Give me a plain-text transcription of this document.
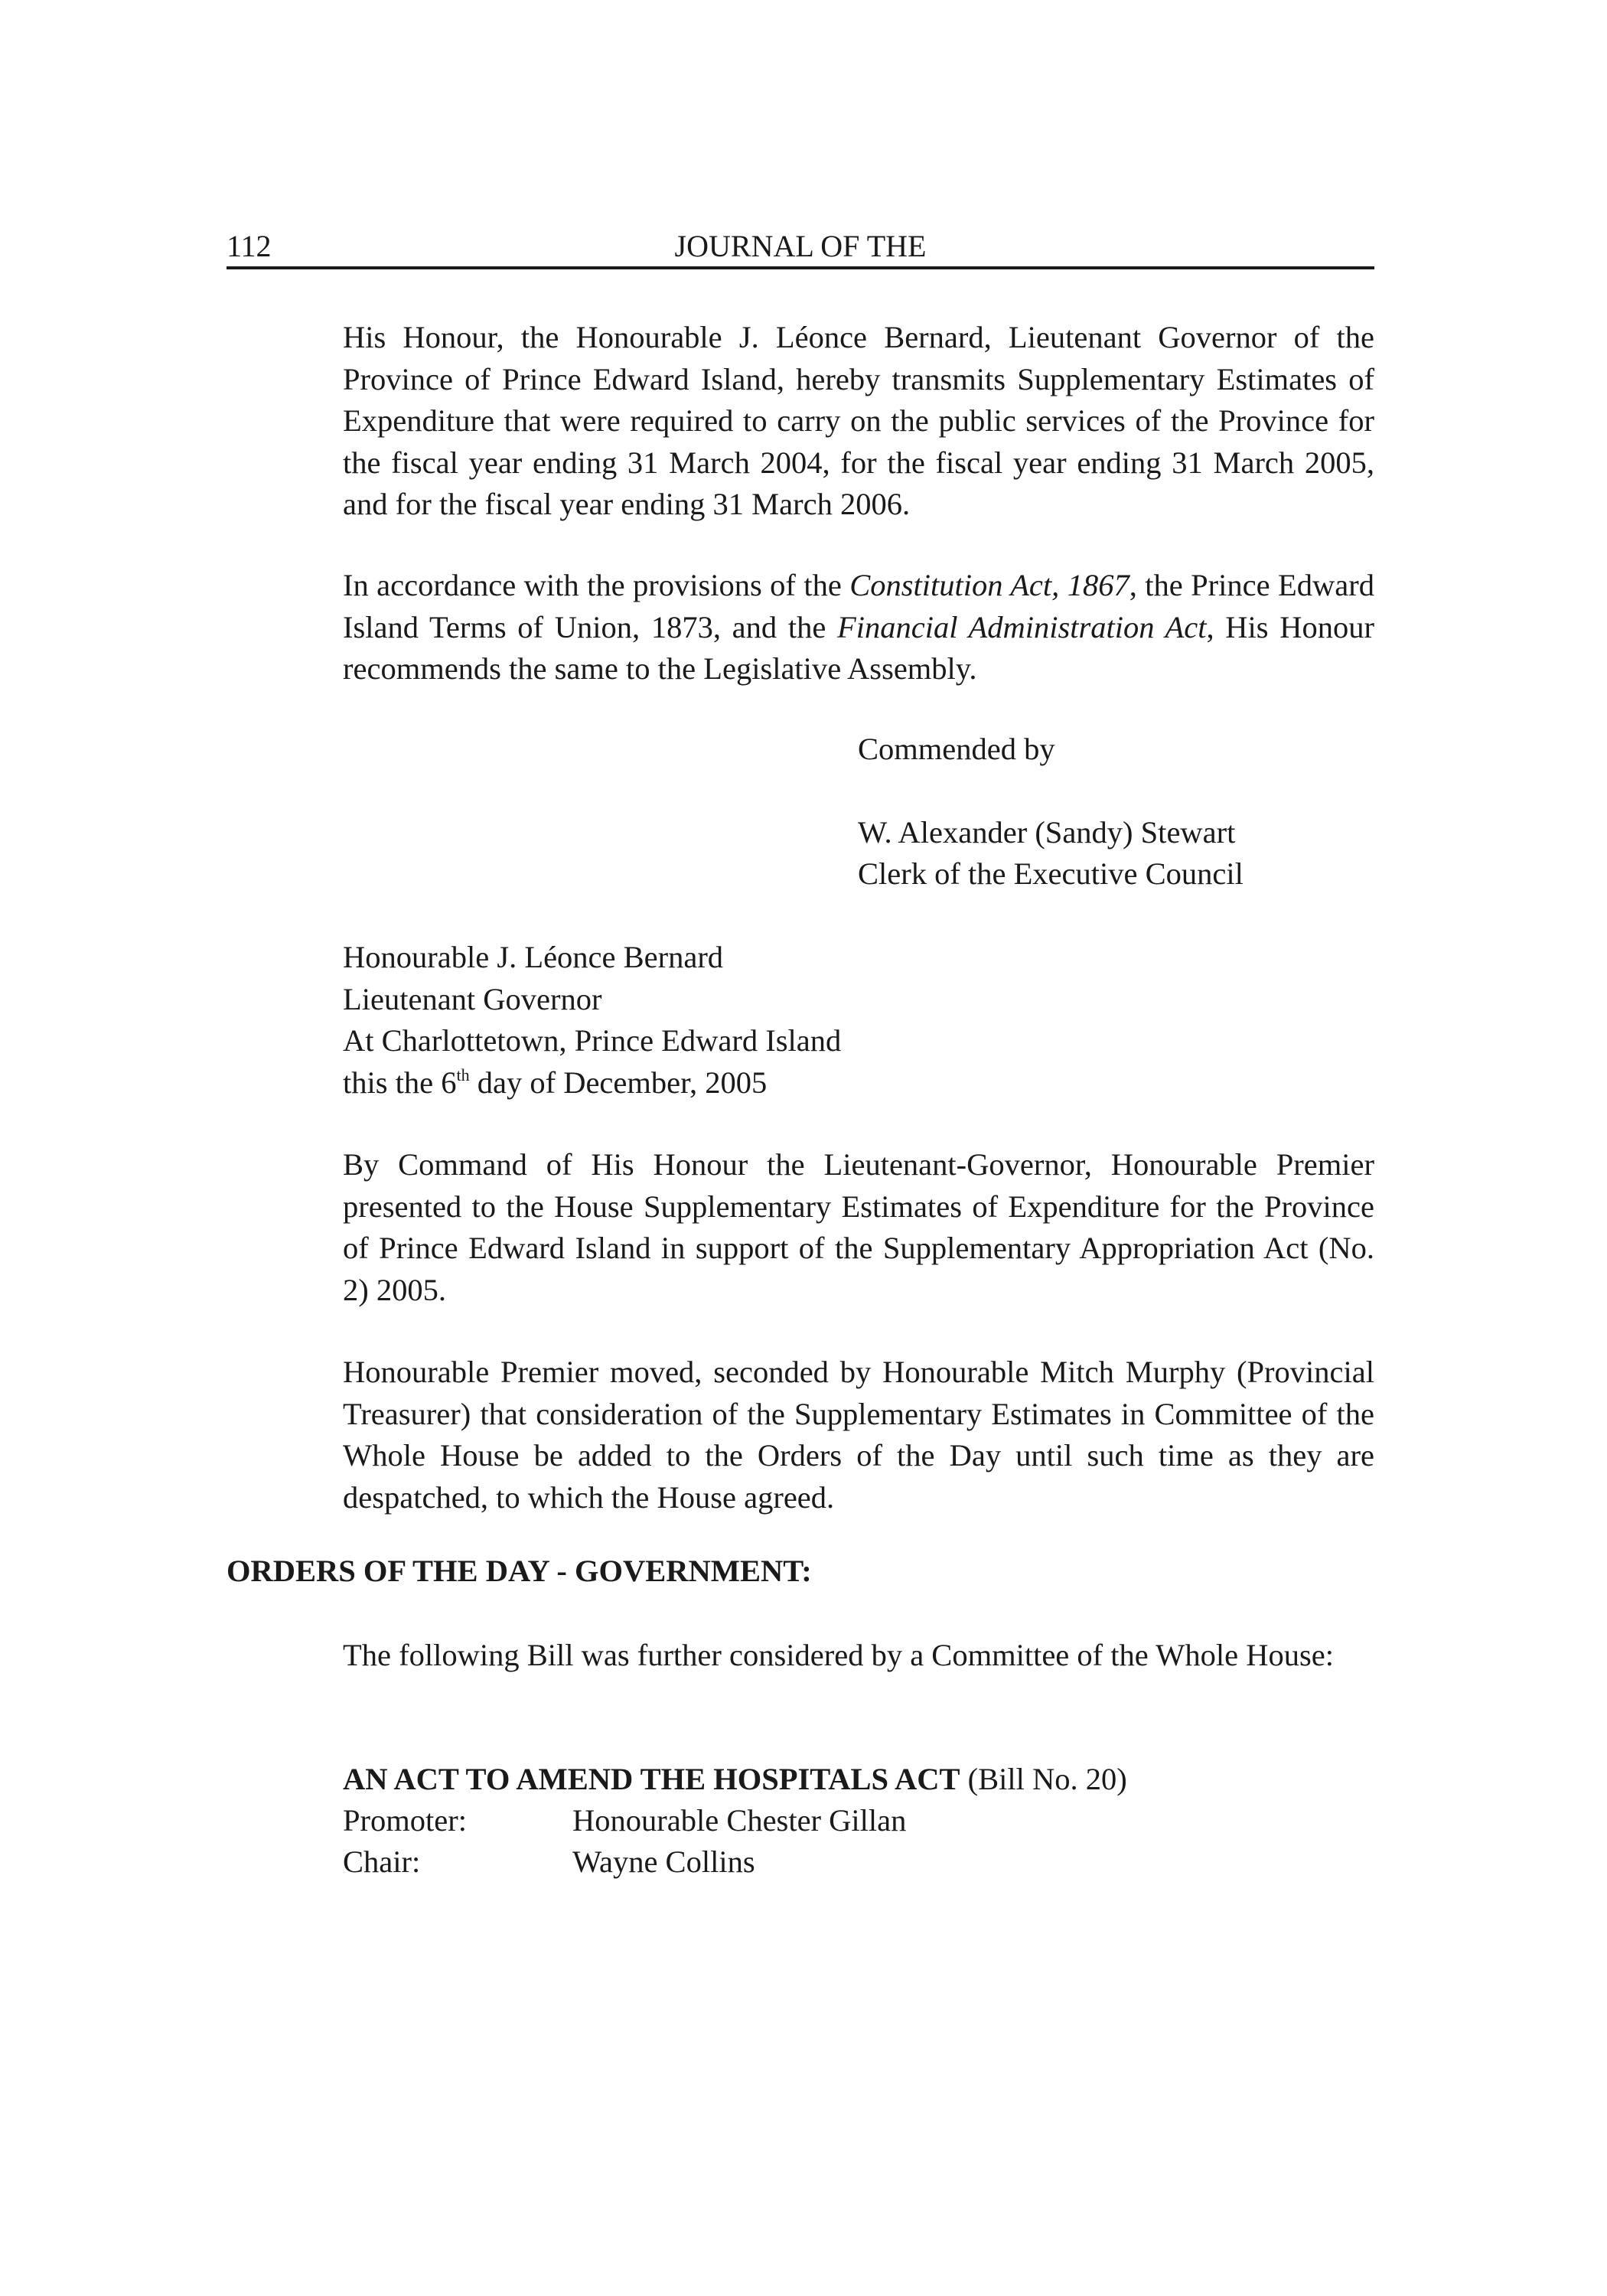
JOURNAL OF THE
112

His Honour, the Honourable J. Léonce Bernard, Lieutenant Governor of the Province of Prince Edward Island, hereby transmits Supplementary Estimates of Expenditure that were required to carry on the public services of the Province for the fiscal year ending 31 March 2004, for the fiscal year ending 31 March 2005, and for the fiscal year ending 31 March 2006.

In accordance with the provisions of the Constitution Act, 1867, the Prince Edward Island Terms of Union, 1873, and the Financial Administration Act, His Honour recommends the same to the Legislative Assembly.

Commended by
W. Alexander (Sandy) Stewart
Clerk of the Executive Council
Honourable J. Léonce Bernard
Lieutenant Governor
At Charlottetown, Prince Edward Island
this the 6th day of December, 2005

By Command of His Honour the Lieutenant-Governor, Honourable Premier presented to the House Supplementary Estimates of Expenditure for the Province of Prince Edward Island in support of the Supplementary Appropriation Act (No. 2) 2005.

Honourable Premier moved, seconded by Honourable Mitch Murphy (Provincial Treasurer) that consideration of the Supplementary Estimates in Committee of the Whole House be added to the Orders of the Day until such time as they are despatched, to which the House agreed.

ORDERS OF THE DAY - GOVERNMENT:

The following Bill was further considered by a Committee of the Whole House:

AN ACT TO AMEND THE HOSPITALS ACT (Bill No. 20)
Promoter:	Honourable Chester Gillan
Chair:	Wayne Collins
